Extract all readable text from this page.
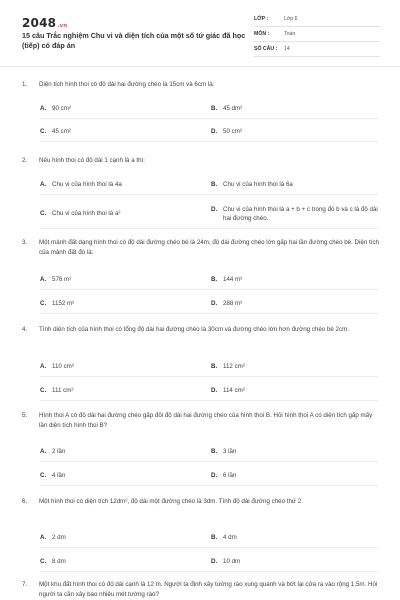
2048.vn
15 câu Trắc nghiệm Chu vi và diện tích của một số tứ giác đã học (tiếp) có đáp án
LỚP :	Lớp 6
MÔN :	Toán
SỐ CÂU :	14
1.	Diện tích hình thoi có độ dài hai đường chéo là 15cm và 6cm là:
2.	Nếu hình thoi có độ dài 1 cạnh là a thì:
3.	Một mảnh đất dạng hình thoi có độ dài đường chéo bé là 24m, độ dài đường chéo lớn gấp hai lần đường chéo bé. Diện tích của mảnh đất đó là:
4.	Tính diện tích của hình thoi có tổng độ dài hai đường chéo là 30cm và đường chéo lớn hơn đường chéo bé 2cm.
5.	Hình thoi A có độ dài hai đường chéo gấp đôi độ dài hai đường chéo của hình thoi B. Hỏi hình thoi A có diện tích gấp mấy lần diện tích hình thoi B?
6.	Một hình thoi có diện tích 12dm², độ dài một đường chéo là 3dm. Tính độ dài đường chéo thứ 2.
7.	Một khu đất hình thoi có độ dài cạnh là 12 m. Người ta định xây tường rào xung quanh và bớt lại cửa ra vào rộng 1,5m. Hỏi người ta cần xây bao nhiêu mét tường rào?
A. 90 cm²	B. 45 dm²
C. 45 cm²	D. 50 cm²
A. Chu vi của hình thoi là 4a	B. Chu vi của hình thoi là 6a
C. Chu vi của hình thoi là a²
D. Chu vi của hình thoi là a + b + c trong đó b và c là độ dài hai đường chéo.
A. 576 m²	B. 144 m²
C. 1152 m²	D. 288 m²
A. 110 cm²	B. 112 cm²
C. 111 cm²	D. 114 cm²
A. 2 lần	B. 3 lần
C. 4 lần	D. 6 lần
A. 2 dm	B. 4 dm
C. 8 dm	D. 10 dm
